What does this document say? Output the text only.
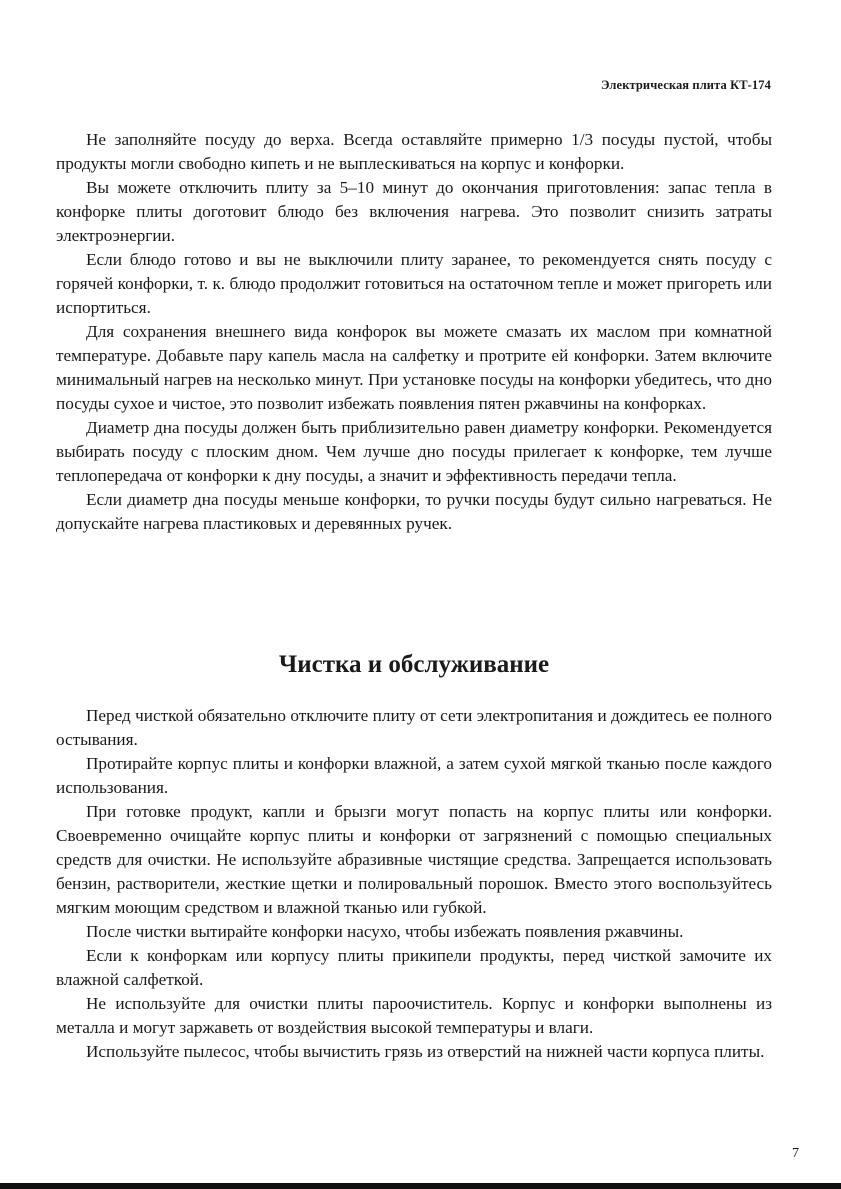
Электрическая плита КТ-174

Не заполняйте посуду до верха. Всегда оставляйте примерно 1/3 посуды пустой, чтобы продукты могли свободно кипеть и не выплескиваться на корпус и конфорки.

Вы можете отключить плиту за 5–10 минут до окончания приготовления: запас тепла в конфорке плиты доготовит блюдо без включения нагрева. Это позволит снизить затраты электроэнергии.

Если блюдо готово и вы не выключили плиту заранее, то рекомендуется снять посуду с горячей конфорки, т. к. блюдо продолжит готовиться на остаточном тепле и может пригореть или испортиться.

Для сохранения внешнего вида конфорок вы можете смазать их маслом при комнатной температуре. Добавьте пару капель масла на салфетку и протрите ей конфорки. Затем включите минимальный нагрев на несколько минут. При установке посуды на конфорки убедитесь, что дно посуды сухое и чистое, это позволит избежать появления пятен ржавчины на конфорках.

Диаметр дна посуды должен быть приблизительно равен диаметру конфорки. Рекомендуется выбирать посуду с плоским дном. Чем лучше дно посуды прилегает к конфорке, тем лучше теплопередача от конфорки к дну посуды, а значит и эффективность передачи тепла.

Если диаметр дна посуды меньше конфорки, то ручки посуды будут сильно нагреваться. Не допускайте нагрева пластиковых и деревянных ручек.

Чистка и обслуживание

Перед чисткой обязательно отключите плиту от сети электропитания и дождитесь ее полного остывания.

Протирайте корпус плиты и конфорки влажной, а затем сухой мягкой тканью после каждого использования.

При готовке продукт, капли и брызги могут попасть на корпус плиты или конфорки. Своевременно очищайте корпус плиты и конфорки от загрязнений с помощью специальных средств для очистки. Не используйте абразивные чистящие средства. Запрещается использовать бензин, растворители, жесткие щетки и полировальный порошок. Вместо этого воспользуйтесь мягким моющим средством и влажной тканью или губкой.

После чистки вытирайте конфорки насухо, чтобы избежать появления ржавчины.

Если к конфоркам или корпусу плиты прикипели продукты, перед чисткой замочите их влажной салфеткой.

Не используйте для очистки плиты пароочиститель. Корпус и конфорки выполнены из металла и могут заржаветь от воздействия высокой температуры и влаги.

Используйте пылесос, чтобы вычистить грязь из отверстий на нижней части корпуса плиты.

7
